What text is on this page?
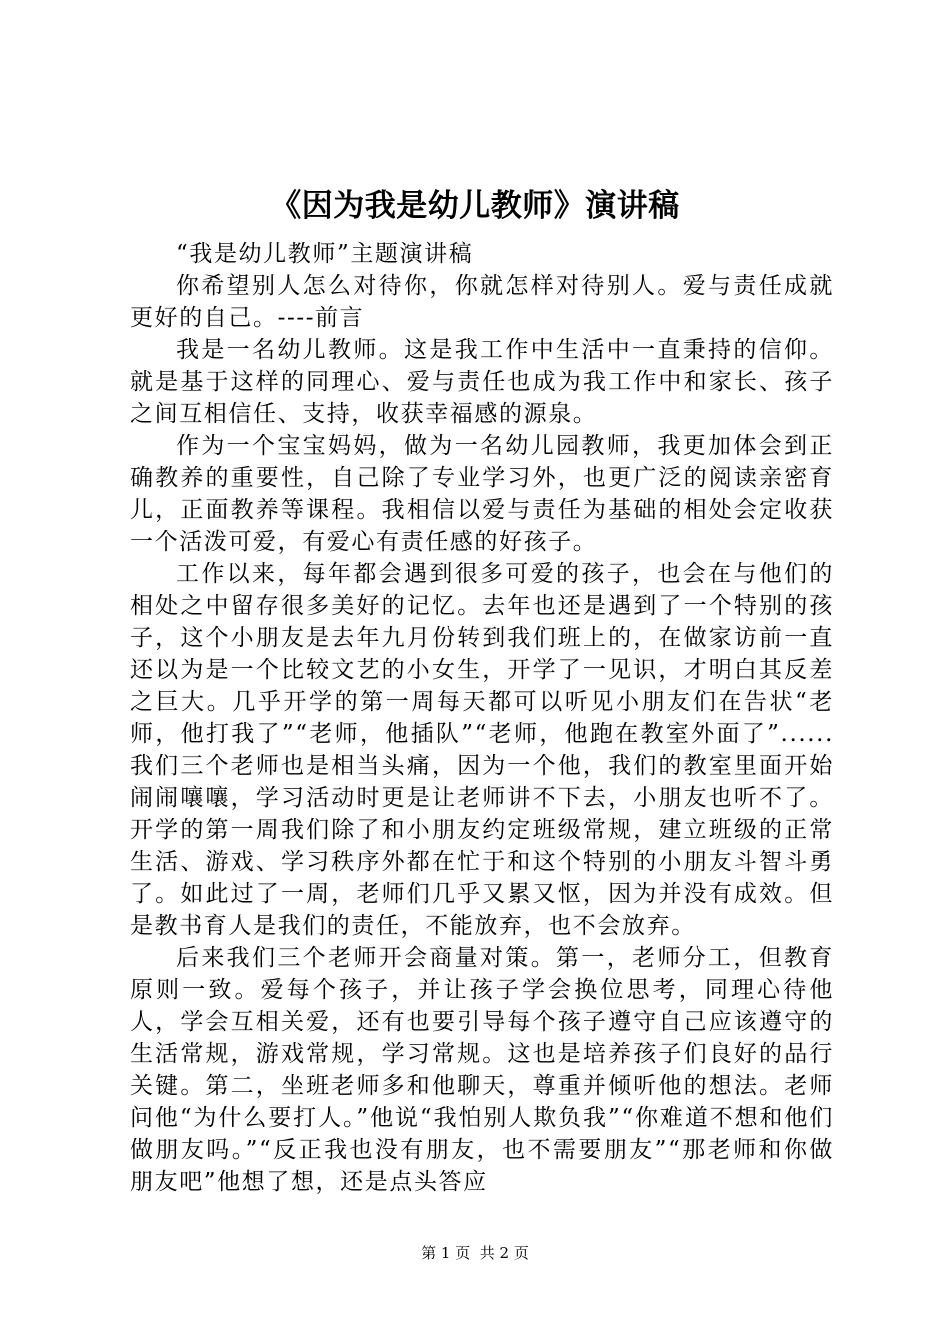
《因为我是幼儿教师》演讲稿

“我是幼儿教师”主题演讲稿

你希望别人怎么对待你，你就怎样对待别人。爱与责任成就更好的自己。----前言

我是一名幼儿教师。这是我工作中生活中一直秉持的信仰。就是基于这样的同理心、爱与责任也成为我工作中和家长、孩子之间互相信任、支持，收获幸福感的源泉。

作为一个宝宝妈妈，做为一名幼儿园教师，我更加体会到正确教养的重要性，自己除了专业学习外，也更广泛的阅读亲密育儿，正面教养等课程。我相信以爱与责任为基础的相处会定收获一个活泼可爱，有爱心有责任感的好孩子。

工作以来，每年都会遇到很多可爱的孩子，也会在与他们的相处之中留存很多美好的记忆。去年也还是遇到了一个特别的孩子，这个小朋友是去年九月份转到我们班上的，在做家访前一直还以为是一个比较文艺的小女生，开学了一见识，才明白其反差之巨大。几乎开学的第一周每天都可以听见小朋友们在告状“老师，他打我了”“老师，他插队”“老师，他跑在教室外面了”......我们三个老师也是相当头痛，因为一个他，我们的教室里面开始闹闹嚷嚷，学习活动时更是让老师讲不下去，小朋友也听不了。开学的第一周我们除了和小朋友约定班级常规，建立班级的正常生活、游戏、学习秩序外都在忙于和这个特别的小朋友斗智斗勇了。如此过了一周，老师们几乎又累又怄，因为并没有成效。但是教书育人是我们的责任，不能放弃，也不会放弃。

后来我们三个老师开会商量对策。第一，老师分工，但教育原则一致。爱每个孩子，并让孩子学会换位思考，同理心待他人，学会互相关爱，还有也要引导每个孩子遵守自己应该遵守的生活常规，游戏常规，学习常规。这也是培养孩子们良好的品行关键。第二，坐班老师多和他聊天，尊重并倾听他的想法。老师问他“为什么要打人。”他说“我怕别人欺负我”“你难道不想和他们做朋友吗。”“反正我也没有朋友，也不需要朋友”“那老师和你做朋友吧”他想了想，还是点头答应

第 1 页 共 2 页
